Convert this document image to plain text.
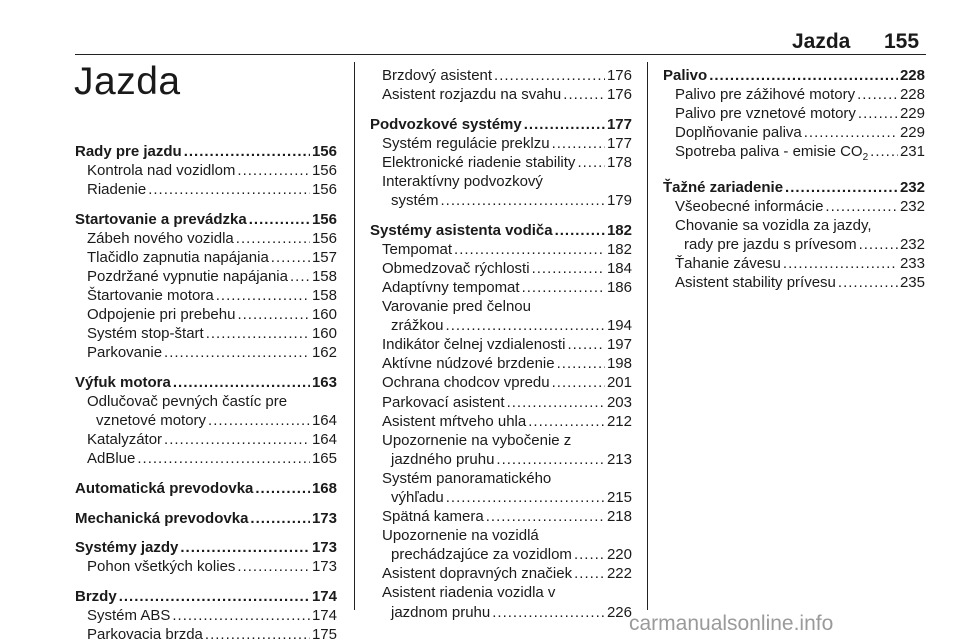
Jazda 155
Jazda
Rady pre jazdu .....	156
Kontrola nad vozidlom .....	156
Riadenie .....	156
Startovanie a prevádzka .....	156
Zábeh nového vozidla .....	156
Tlačidlo zapnutia napájania .....	157
Pozdržané vypnutie napájania ..... 158
Štartovanie motora .....	158
Odpojenie pri prebehu .....	160
Systém stop-štart .....	160
Parkovanie .....	162
Výfuk motora .....	163
Odlučovač pevných častíc pre
vznetové motory .....	164
Katalyzátor .....	164
AdBlue .....	165
Automatická prevodovka .....	168
Mechanická prevodovka .....	173
Systémy jazdy .....	173
Pohon všetkých kolies .....	173
Brzdy .....	174
Systém ABS .....	174
Parkovacia brzda .....	175
Brzdový asistent .....	176
Asistent rozjazdu na svahu .....	176
Podvozkové systémy .....	177
Systém regulácie preklzu .....	177
Elektronické riadenie stability ..... 178
Interaktívny podvozkový
systém .....	179
Systémy asistenta vodiča .....	182
Tempomat .....	182
Obmedzovač rýchlosti .....	184
Adaptívny tempomat .....	186
Varovanie pred čelnou
zrážkou .....	194
Indikátor čelnej vzdialenosti .....	197
Aktívne núdzové brzdenie .....	198
Ochrana chodcov vpredu .....	201
Parkovací asistent .....	203
Asistent mŕtveho uhla .....	212
Upozornenie na vybočenie z
jazdného pruhu .....	213
Systém panoramatického
výhľadu .....	215
Spätná kamera .....	218
Upozornenie na vozidlá
prechádzajúce za vozidlom ..... 220
Asistent dopravných značiek ..... 222
Asistent riadenia vozidla v
jazdnom pruhu .....	226
Palivo .....	228
Palivo pre zážihové motory .....	228
Palivo pre vznetové motory .....	229
Doplňovanie paliva .....	229
Spotreba paliva - emisie $CO_2$ ..... 231
Ťažné zariadenie .....	232
Všeobecné informácie .....	232
Chovanie sa vozidla za jazdy,
rady pre jazdu s prívesom .....	232
Ťahanie závesu .....	233
Asistent stability prívesu .....	235
carmanualsonline.info
